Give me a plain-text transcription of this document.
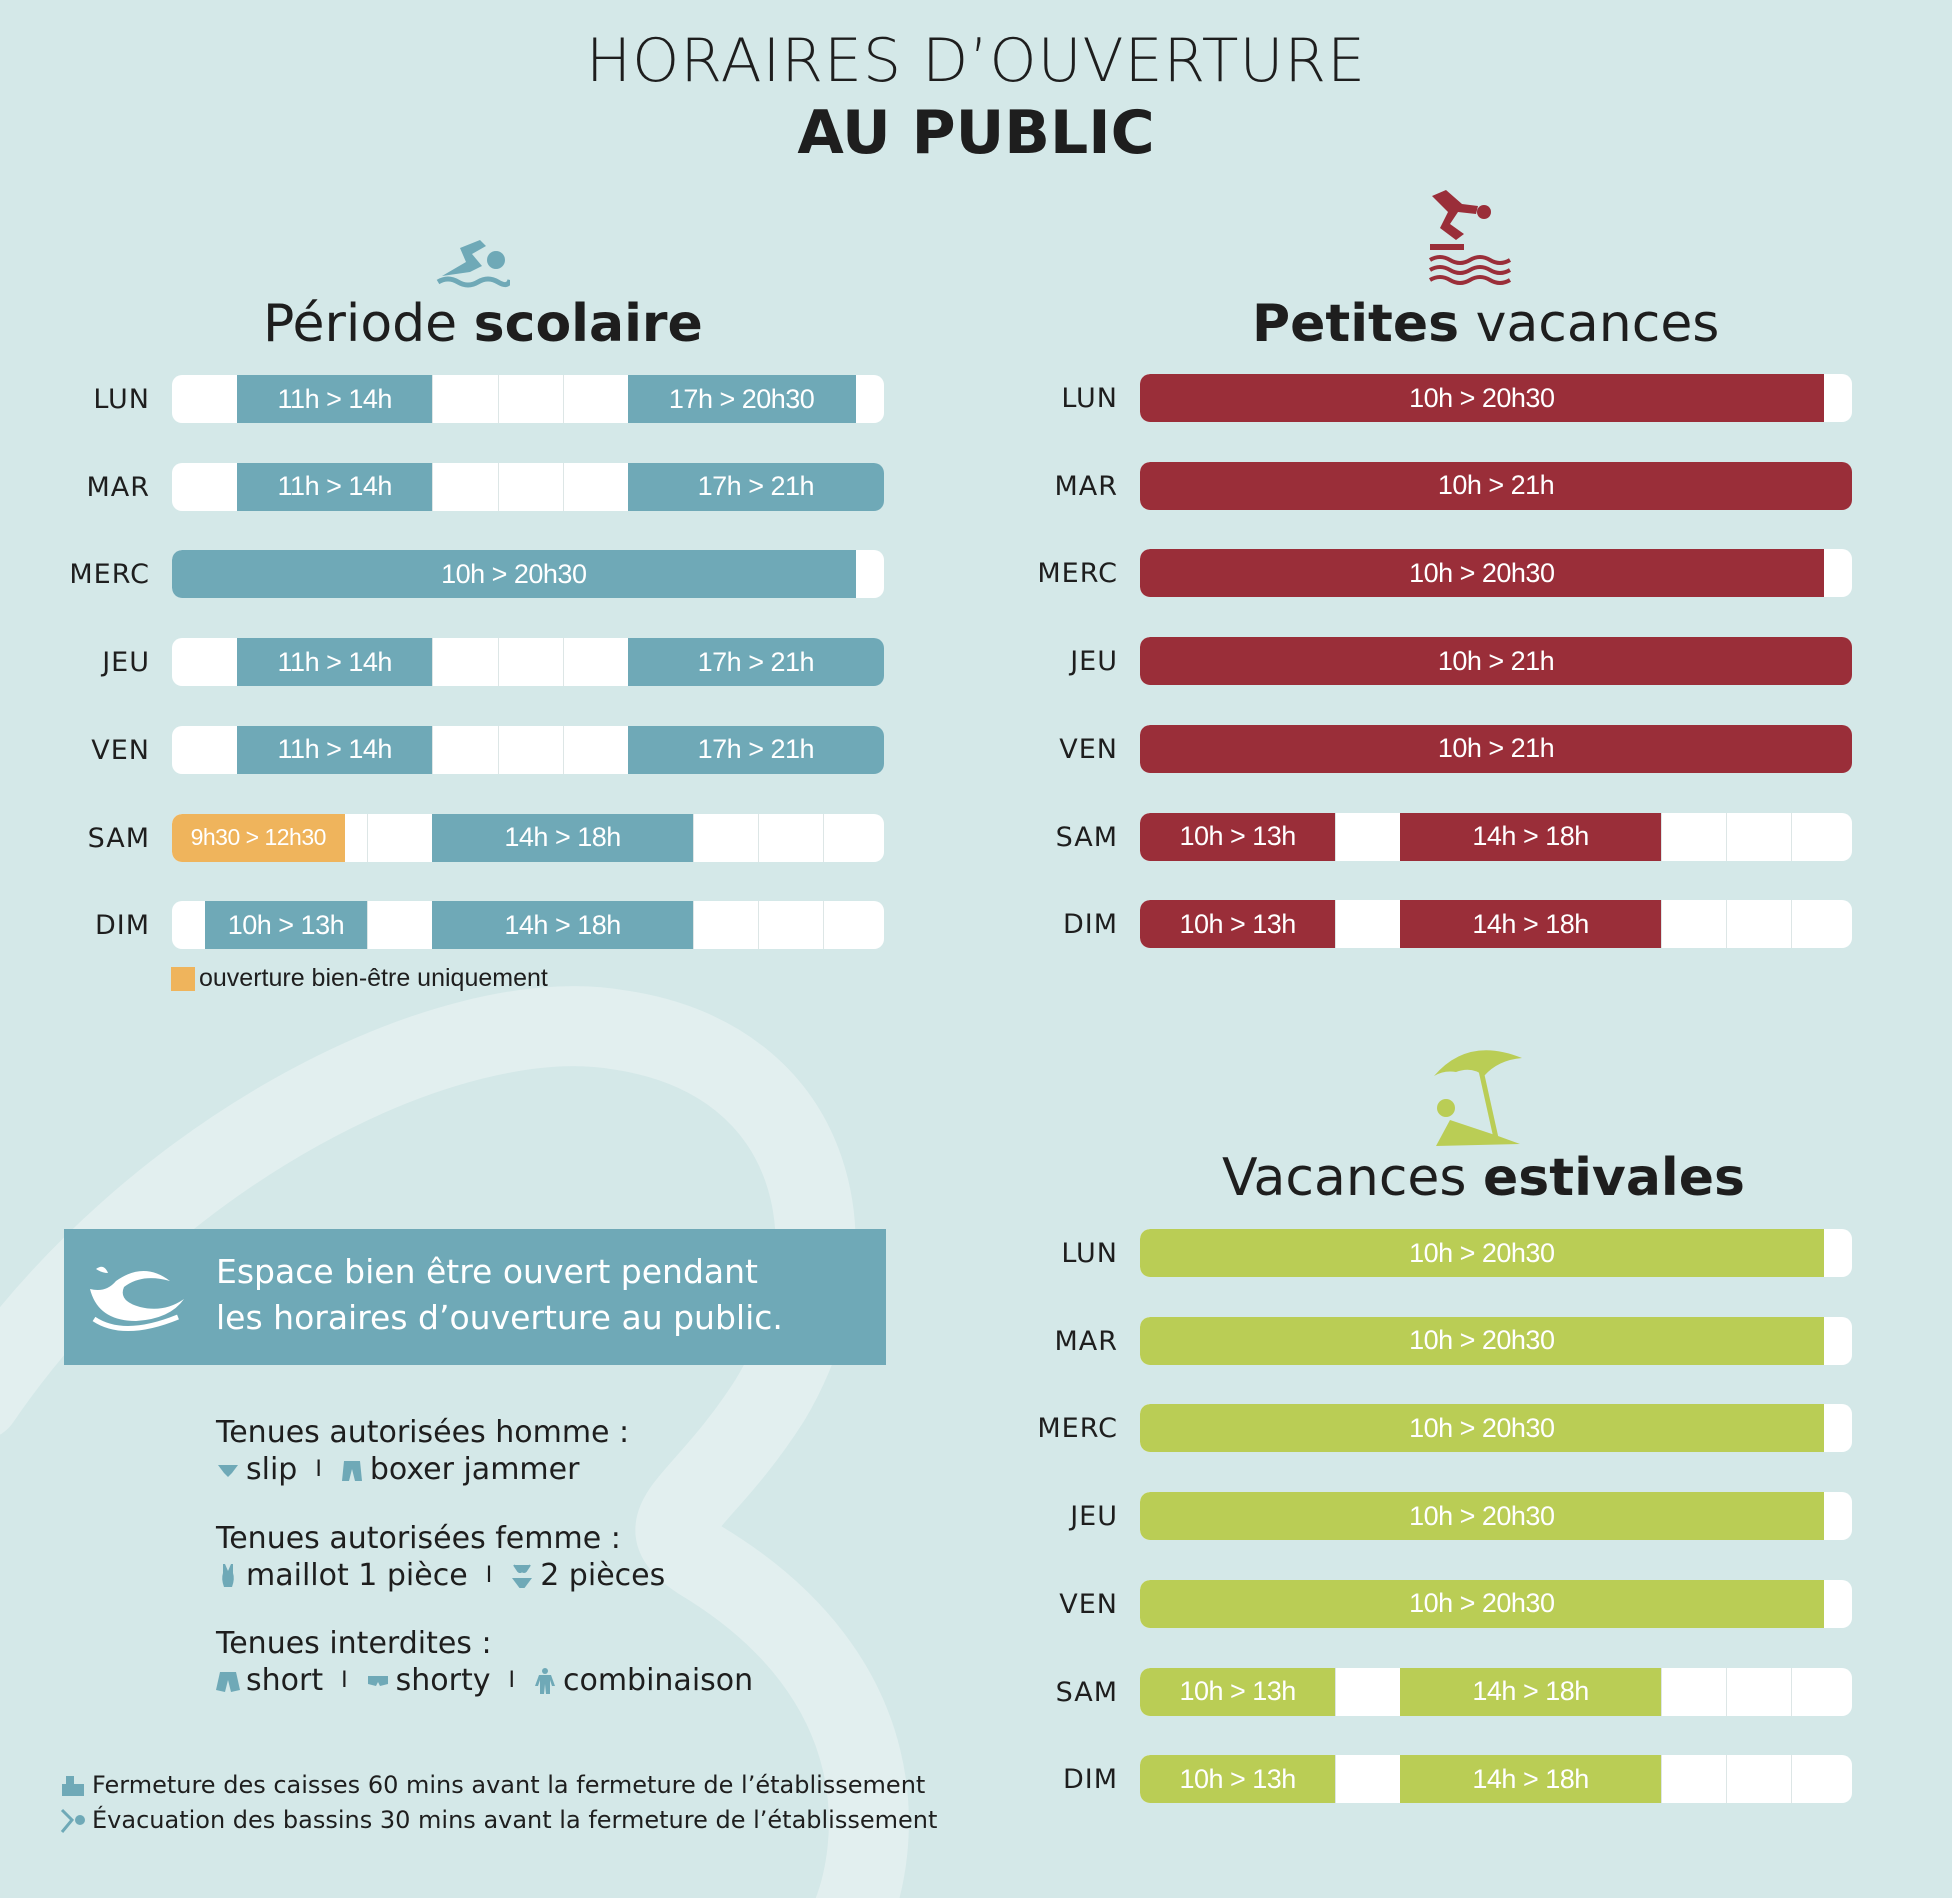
HORAIRES D’OUVERTURE
AU PUBLIC
Période scolaire	Petites vacances
Vacances estivales
LUN	11h > 14h	17h > 20h30
MAR	11h > 14h	17h > 21h
MERC	10h > 20h30
JEU	11h > 14h	17h > 21h
VEN	11h > 14h	17h > 21h
SAM	9h30 > 12h30	14h > 18h
DIM	10h > 13h	14h > 18h
LUN	10h > 20h30
MAR	10h > 21h
MERC	10h > 20h30
JEU	10h > 21h
VEN	10h > 21h
SAM	10h > 13h	14h > 18h
DIM	10h > 13h	14h > 18h
LUN	10h > 20h30
MAR	10h > 20h30
MERC	10h > 20h30
JEU	10h > 20h30
VEN	10h > 20h30
SAM	10h > 13h	14h > 18h
DIM	10h > 13h	14h > 18h
ouverture bien-être uniquement
Espace bien être ouvert pendant
les horaires d’ouverture au public.
Tenues autorisées homme :
slip I boxer jammer
Tenues autorisées femme :
maillot 1 pièce I 2 pièces
Tenues interdites :
short I shorty I combinaison
Fermeture des caisses 60 mins avant la fermeture de l’établissement
Évacuation des bassins 30 mins avant la fermeture de l’établissement
